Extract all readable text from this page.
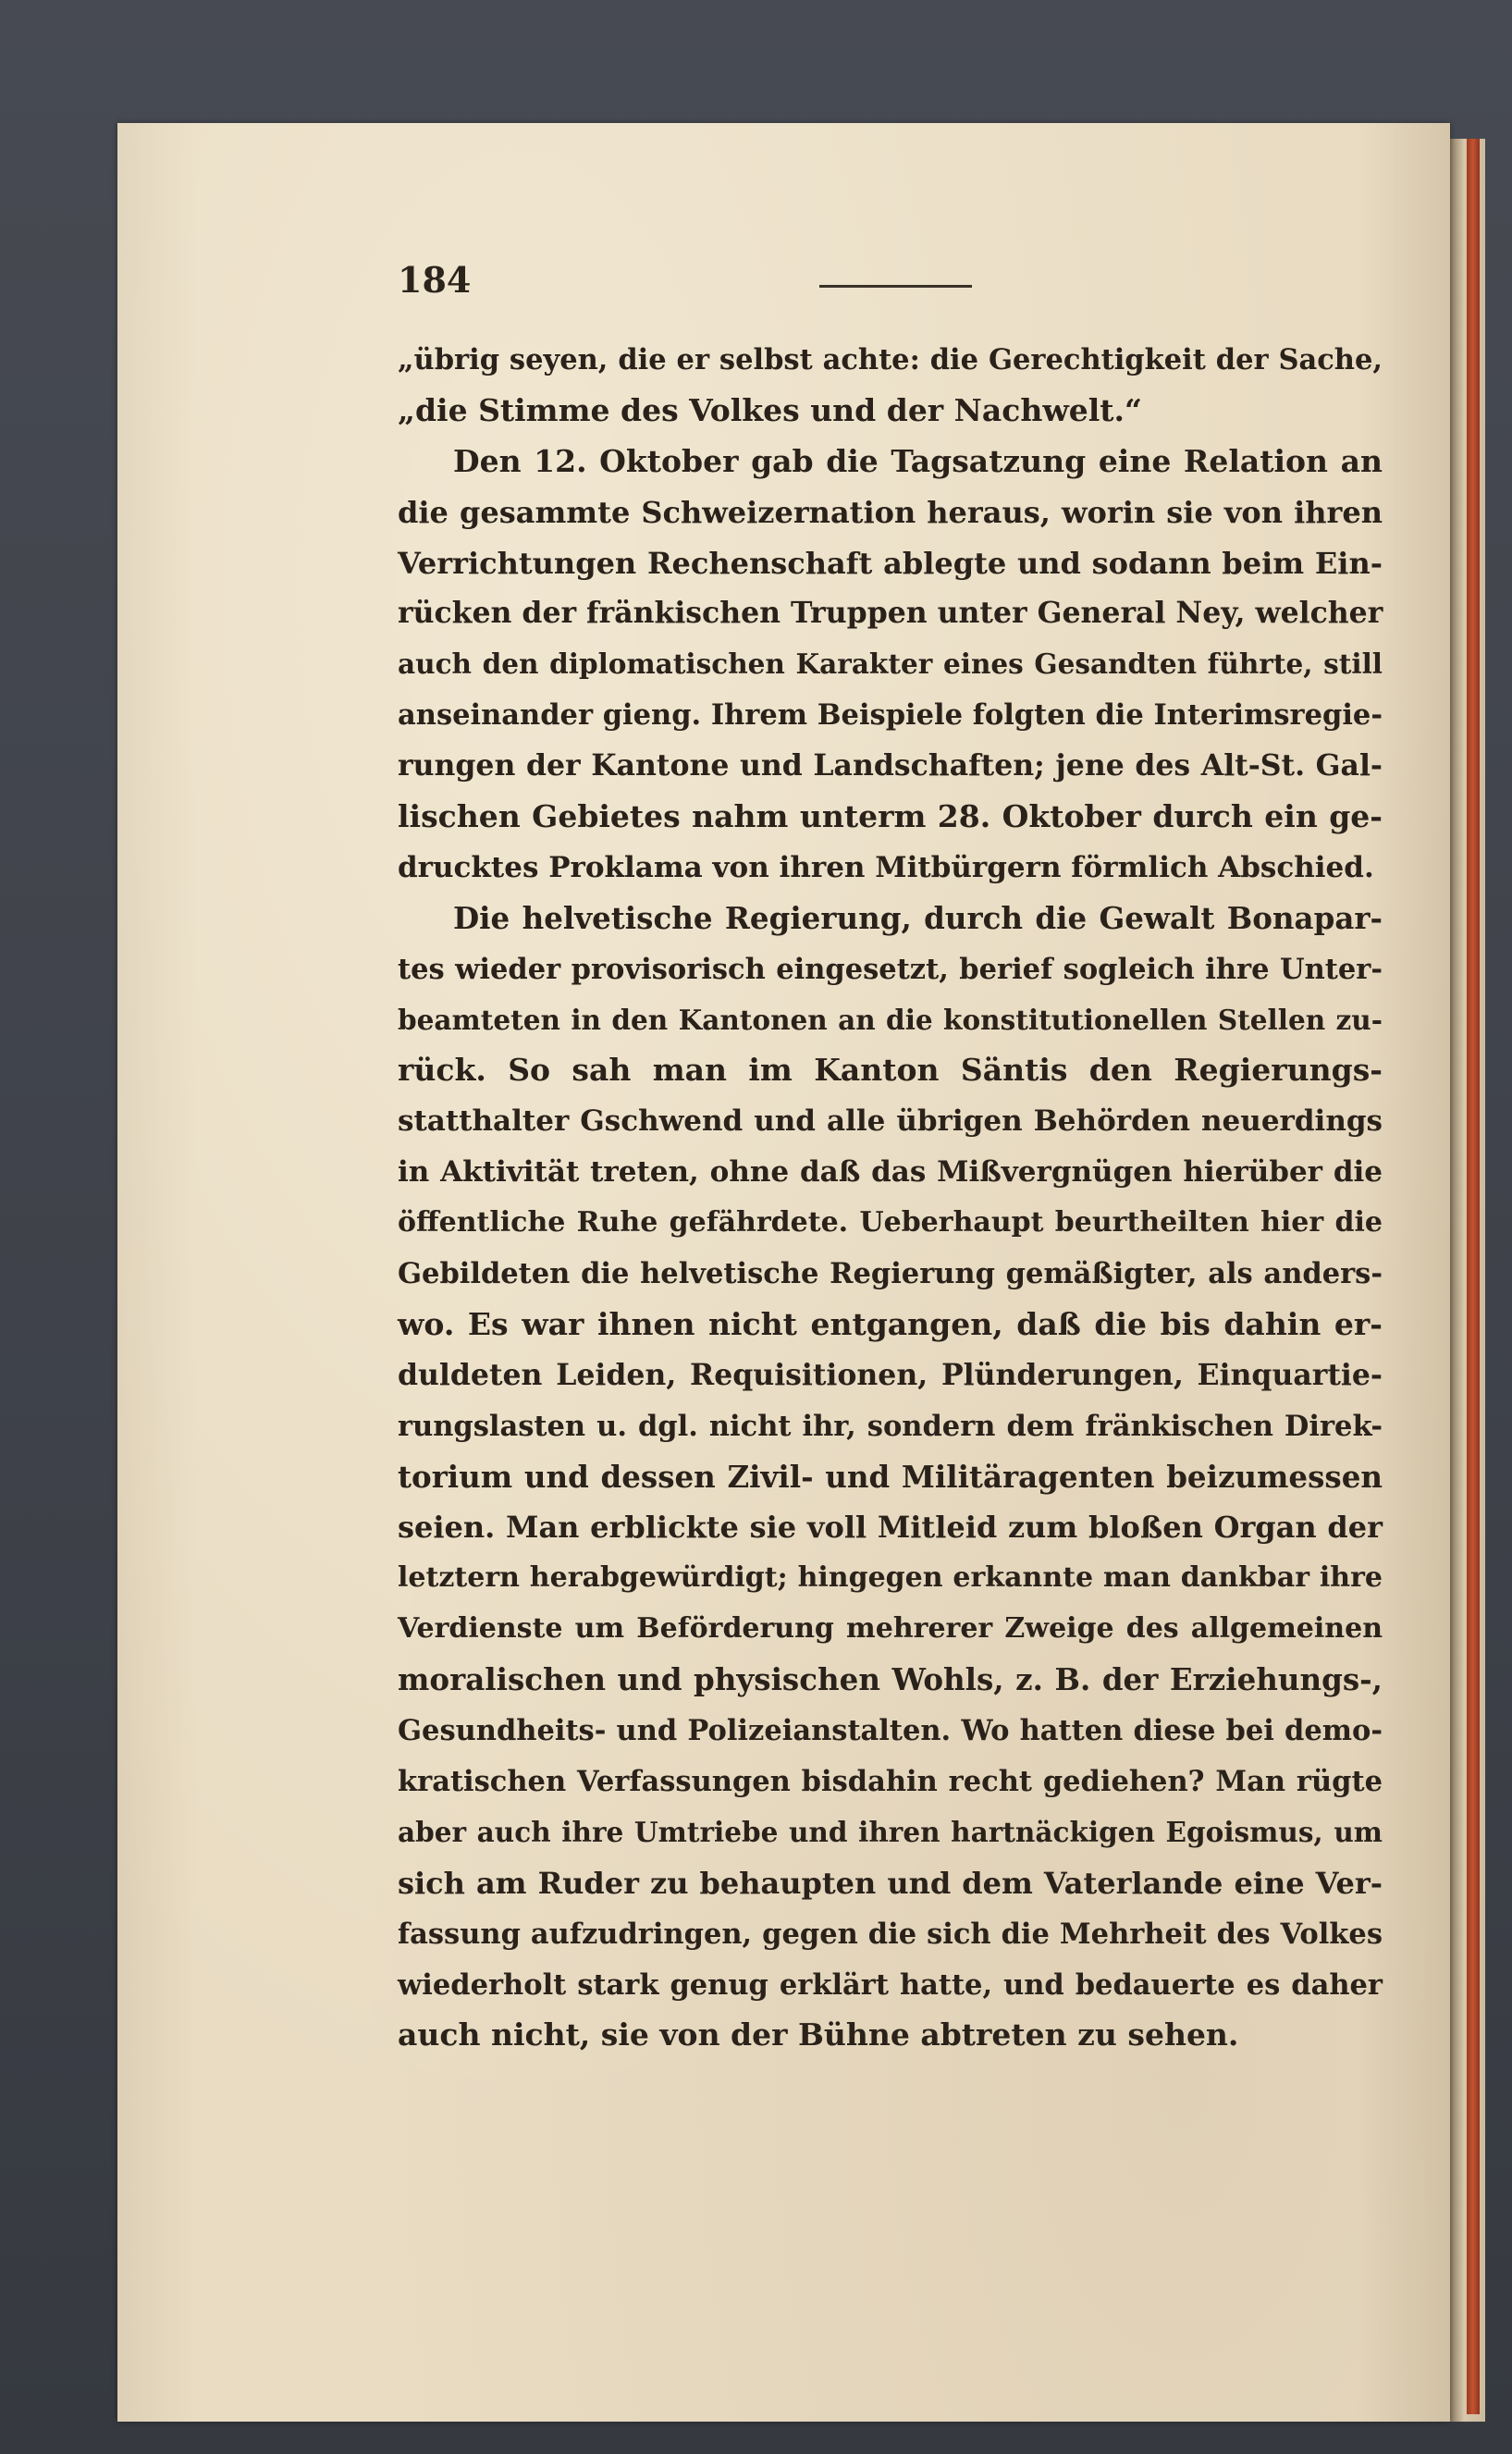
184
„übrig seyen, die er selbst achte: die Gerechtigkeit der Sache,
„die Stimme des Volkes und der Nachwelt.“
Den 12. Oktober gab die Tagsatzung eine Relation an
die gesammte Schweizernation heraus, worin sie von ihren
Verrichtungen Rechenschaft ablegte und sodann beim Ein-
rücken der fränkischen Truppen unter General Ney, welcher
auch den diplomatischen Karakter eines Gesandten führte, still
anseinander gieng. Ihrem Beispiele folgten die Interimsregie-
rungen der Kantone und Landschaften; jene des Alt-St. Gal-
lischen Gebietes nahm unterm 28. Oktober durch ein ge-
drucktes Proklama von ihren Mitbürgern förmlich Abschied.
Die helvetische Regierung, durch die Gewalt Bonapar-
tes wieder provisorisch eingesetzt, berief sogleich ihre Unter-
beamteten in den Kantonen an die konstitutionellen Stellen zu-
rück. So sah man im Kanton Säntis den Regierungs-
statthalter Gschwend und alle übrigen Behörden neuerdings
in Aktivität treten, ohne daß das Mißvergnügen hierüber die
öffentliche Ruhe gefährdete. Ueberhaupt beurtheilten hier die
Gebildeten die helvetische Regierung gemäßigter, als anders-
wo. Es war ihnen nicht entgangen, daß die bis dahin er-
duldeten Leiden, Requisitionen, Plünderungen, Einquartie-
rungslasten u. dgl. nicht ihr, sondern dem fränkischen Direk-
torium und dessen Zivil- und Militäragenten beizumessen
seien. Man erblickte sie voll Mitleid zum bloßen Organ der
letztern herabgewürdigt; hingegen erkannte man dankbar ihre
Verdienste um Beförderung mehrerer Zweige des allgemeinen
moralischen und physischen Wohls, z. B. der Erziehungs-,
Gesundheits- und Polizeianstalten. Wo hatten diese bei demo-
kratischen Verfassungen bisdahin recht gediehen? Man rügte
aber auch ihre Umtriebe und ihren hartnäckigen Egoismus, um
sich am Ruder zu behaupten und dem Vaterlande eine Ver-
fassung aufzudringen, gegen die sich die Mehrheit des Volkes
wiederholt stark genug erklärt hatte, und bedauerte es daher
auch nicht, sie von der Bühne abtreten zu sehen.
